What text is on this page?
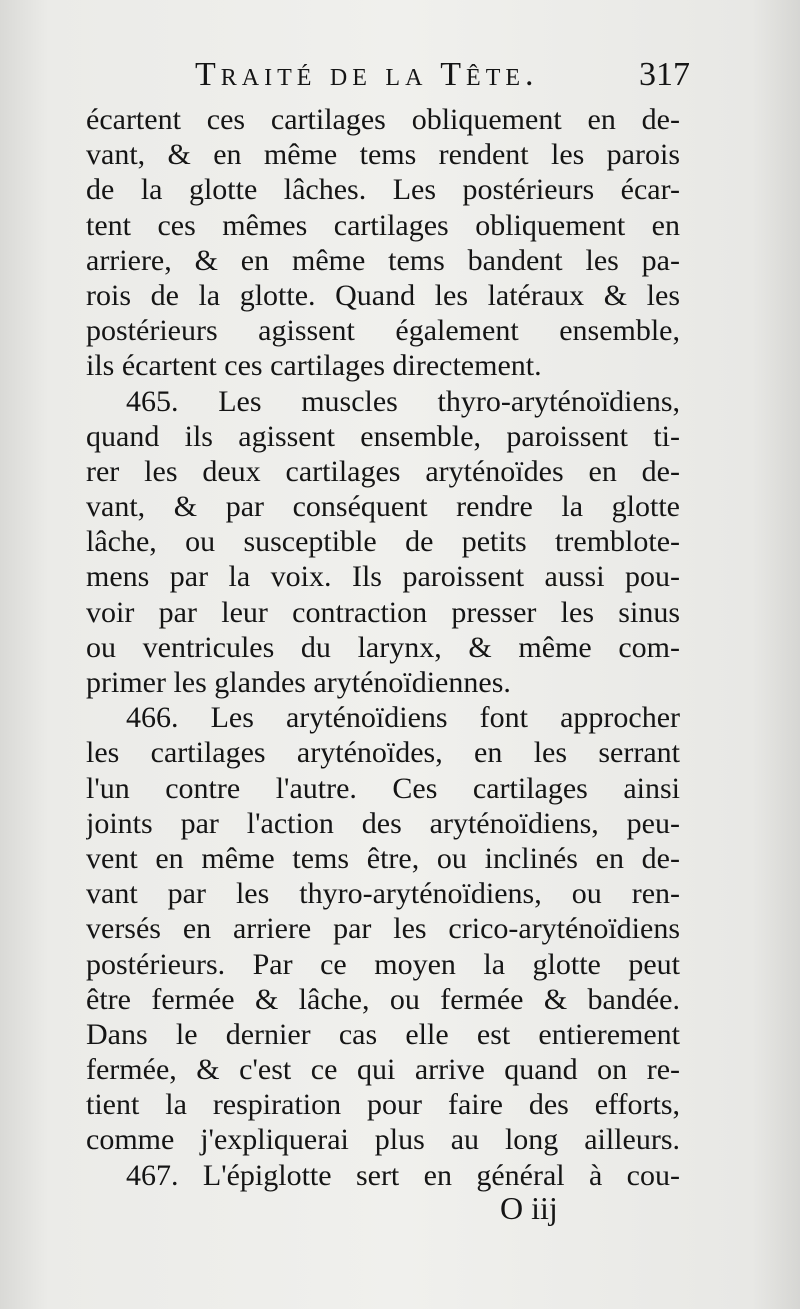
Traité de la Tête.	317
écartent ces cartilages obliquement en de-
vant, & en même tems rendent les parois
de la glotte lâches. Les postérieurs écar-
tent ces mêmes cartilages obliquement en
arriere, & en même tems bandent les pa-
rois de la glotte. Quand les latéraux & les
postérieurs agissent également ensemble,
ils écartent ces cartilages directement.
465. Les muscles thyro-aryténoïdiens,
quand ils agissent ensemble, paroissent ti-
rer les deux cartilages aryténoïdes en de-
vant, & par conséquent rendre la glotte
lâche, ou susceptible de petits tremblote-
mens par la voix. Ils paroissent aussi pou-
voir par leur contraction presser les sinus
ou ventricules du larynx, & même com-
primer les glandes aryténoïdiennes.
466. Les aryténoïdiens font approcher
les cartilages aryténoïdes, en les serrant
l'un contre l'autre. Ces cartilages ainsi
joints par l'action des aryténoïdiens, peu-
vent en même tems être, ou inclinés en de-
vant par les thyro-aryténoïdiens, ou ren-
versés en arriere par les crico-aryténoïdiens
postérieurs. Par ce moyen la glotte peut
être fermée & lâche, ou fermée & bandée.
Dans le dernier cas elle est entierement
fermée, & c'est ce qui arrive quand on re-
tient la respiration pour faire des efforts,
comme j'expliquerai plus au long ailleurs.
467. L'épiglotte sert en général à cou-
O iij
